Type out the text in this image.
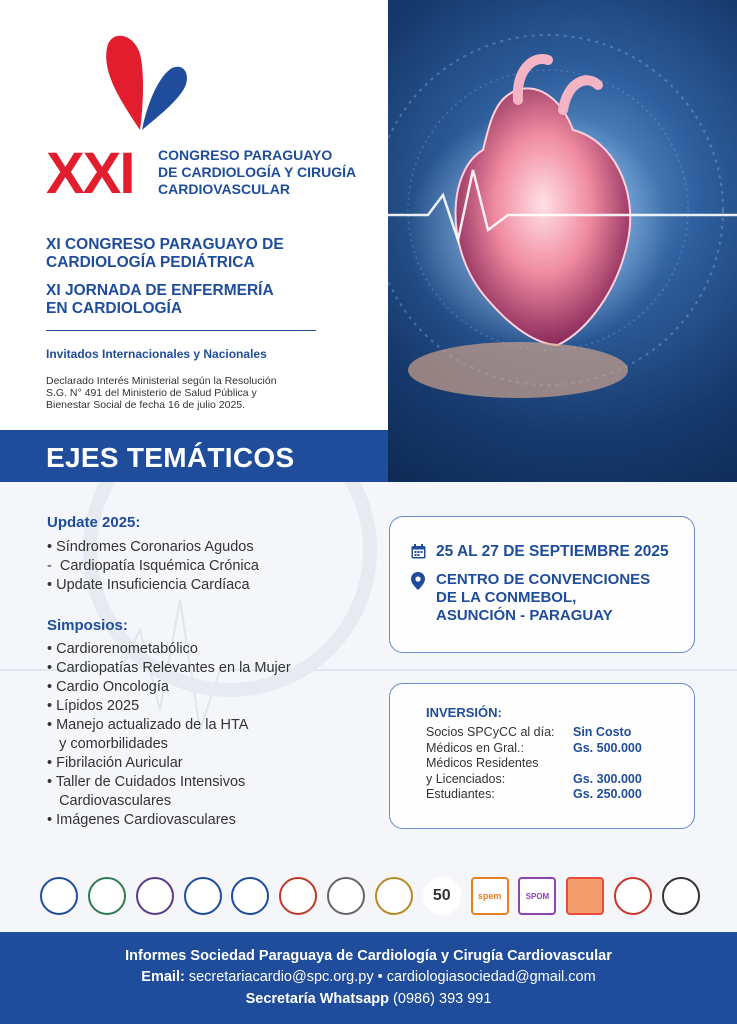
XXI CONGRESO PARAGUAYO
DE CARDIOLOGÍA Y CIRUGÍA
CARDIOVASCULAR
XI CONGRESO PARAGUAYO DE
CARDIOLOGÍA PEDIÁTRICA
XI JORNADA DE ENFERMERÍA
EN CARDIOLOGÍA
Invitados Internacionales y Nacionales
Declarado Interés Ministerial según la Resolución
S.G. N° 491 del Ministerio de Salud Pública y
Bienestar Social de fecha 16 de julio 2025.
EJES TEMÁTICOS
Update 2025:
• Síndromes Coronarios Agudos
-  Cardiopatía Isquémica Crónica
• Update Insuficiencia Cardíaca
Simposios:
• Cardiorenometabólico
• Cardiopatías Relevantes en la Mujer
• Cardio Oncología
• Lípidos 2025
• Manejo actualizado de la HTA
y comorbilidades
• Fibrilación Auricular
• Taller de Cuidados Intensivos
Cardiovasculares
• Imágenes Cardiovasculares
25 AL 27 DE SEPTIEMBRE 2025
CENTRO DE CONVENCIONES
DE LA CONMEBOL,
ASUNCIÓN - PARAGUAY
INVERSIÓN:
Socios SPCyCC al día:	Sin Costo
Médicos en Gral.:	Gs. 500.000
Médicos Residentes	
y Licenciados:	Gs. 300.000
Estudiantes:	Gs. 250.000
50	spem	SPOM
Informes Sociedad Paraguaya de Cardiología y Cirugía Cardiovascular
Email: secretariacardio@spc.org.py • cardiologiasociedad@gmail.com
Secretaría Whatsapp (0986) 393 991
